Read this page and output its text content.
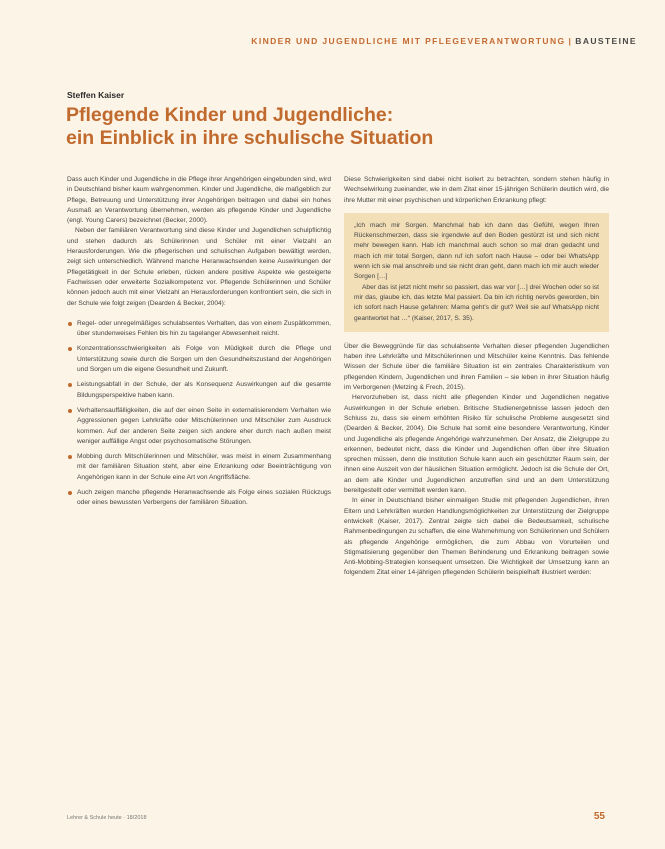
KINDER UND JUGENDLICHE MIT PFLEGEVERANTWORTUNG | BAUSTEINE
Steffen Kaiser
Pflegende Kinder und Jugendliche:
ein Einblick in ihre schulische Situation

Dass auch Kinder und Jugendliche in die Pflege ihrer Angehörigen eingebunden sind, wird in Deutschland bisher kaum wahrgenommen. Kinder und Jugendliche, die maßgeblich zur Pflege, Betreuung und Unterstützung ihrer Angehörigen beitragen und dabei ein hohes Ausmaß an Verantwortung übernehmen, werden als pflegende Kinder und Jugendliche (engl. Young Carers) bezeichnet (Becker, 2000).

Neben der familiären Verantwortung sind diese Kinder und Jugendlichen schulpflichtig und stehen dadurch als Schülerinnen und Schüler mit einer Vielzahl an Herausforderungen. Wie die pflegerischen und schulischen Aufgaben bewältigt werden, zeigt sich unterschiedlich. Während manche Heranwachsenden keine Auswirkungen der Pflegetätigkeit in der Schule erleben, rücken andere positive Aspekte wie gesteigerte Fachwissen oder erweiterte Sozialkompetenz vor. Pflegende Schülerinnen und Schüler können jedoch auch mit einer Vielzahl an Herausforderungen konfrontiert sein, die sich in der Schule wie folgt zeigen (Dearden & Becker, 2004):

Regel- oder unregelmäßiges schulabsentes Verhalten, das von einem Zuspätkommen, über stundenweises Fehlen bis hin zu tagelanger Abwesenheit reicht.
Konzentrationsschwierigkeiten als Folge von Müdigkeit durch die Pflege und Unterstützung sowie durch die Sorgen um den Gesundheitszustand der Angehörigen und Sorgen um die eigene Gesundheit und Zukunft.
Leistungsabfall in der Schule, der als Konsequenz Auswirkungen auf die gesamte Bildungsperspektive haben kann.
Verhaltensauffälligkeiten, die auf der einen Seite in externalisierendem Verhalten wie Aggressionen gegen Lehrkräfte oder Mitschülerinnen und Mitschüler zum Ausdruck kommen. Auf der anderen Seite zeigen sich andere eher durch nach außen meist weniger auffällige Angst oder psychosomatische Störungen.
Mobbing durch Mitschülerinnen und Mitschüler, was meist in einem Zusammenhang mit der familiären Situation steht, aber eine Erkrankung oder Beeinträchtigung von Angehörigen kann in der Schule eine Art von Angriffsfläche.
Auch zeigen manche pflegende Heranwachsende als Folge eines sozialen Rückzugs oder eines bewussten Verbergens der familiären Situation.

Diese Schwierigkeiten sind dabei nicht isoliert zu betrachten, sondern stehen häufig in Wechselwirkung zueinander, wie in dem Zitat einer 15-jährigen Schülerin deutlich wird, die ihre Mutter mit einer psychischen und körperlichen Erkrankung pflegt:

„Ich mach mir Sorgen. Manchmal hab ich dann das Gefühl, wegen Ihren Rückenschmerzen, dass sie irgendwie auf den Boden gestürzt ist und sich nicht mehr bewegen kann. Hab ich manchmal auch schon so mal dran gedacht und mach ich mir total Sorgen, dann ruf ich sofort nach Hause – oder bei WhatsApp wenn ich sie mal anschreib und sie nicht dran geht, dann mach ich mir auch wieder Sorgen […]

Aber das ist jetzt nicht mehr so passiert, das war vor […] drei Wochen oder so ist mir das, glaube ich, das letzte Mal passiert. Da bin ich richtig nervös geworden, bin ich sofort nach Hause gefahren: Mama geht's dir gut? Weil sie auf WhatsApp nicht geantwortet hat …“ (Kaiser, 2017, S. 35).

Über die Beweggründe für das schulabsente Verhalten dieser pflegenden Jugendlichen haben ihre Lehrkräfte und Mitschülerinnen und Mitschüler keine Kenntnis. Das fehlende Wissen der Schule über die familiäre Situation ist ein zentrales Charakteristikum von pflegenden Kindern, Jugendlichen und ihren Familien – sie leben in ihrer Situation häufig im Verborgenen (Metzing & Frech, 2015).

Hervorzuheben ist, dass nicht alle pflegenden Kinder und Jugendlichen negative Auswirkungen in der Schule erleben. Britische Studienergebnisse lassen jedoch den Schluss zu, dass sie einem erhöhten Risiko für schulische Probleme ausgesetzt sind (Dearden & Becker, 2004). Die Schule hat somit eine besondere Verantwortung, Kinder und Jugendliche als pflegende Angehörige wahrzunehmen. Der Ansatz, die Zielgruppe zu erkennen, bedeutet nicht, dass die Kinder und Jugendlichen offen über ihre Situation sprechen müssen, denn die Institution Schule kann auch ein geschützter Raum sein, der ihnen eine Auszeit von der häuslichen Situation ermöglicht. Jedoch ist die Schule der Ort, an dem alle Kinder und Jugendlichen anzutreffen sind und an dem Unterstützung bereitgestellt oder vermittelt werden kann.

In einer in Deutschland bisher einmaligen Studie mit pflegenden Jugendlichen, ihren Eltern und Lehrkräften wurden Handlungsmöglichkeiten zur Unterstützung der Zielgruppe entwickelt (Kaiser, 2017). Zentral zeigte sich dabei die Bedeutsamkeit, schulische Rahmenbedingungen zu schaffen, die eine Wahrnehmung von Schülerinnen und Schülern als pflegende Angehörige ermöglichen, die zum Abbau von Vorurteilen und Stigmatisierung gegenüber den Themen Behinderung und Erkrankung beitragen sowie Anti-Mobbing-Strategien konsequent umsetzen. Die Wichtigkeit der Umsetzung kann an folgendem Zitat einer 14-jährigen pflegenden Schülerin beispielhaft illustriert werden:

Lehrer & Schule heute · 18/2018	55
